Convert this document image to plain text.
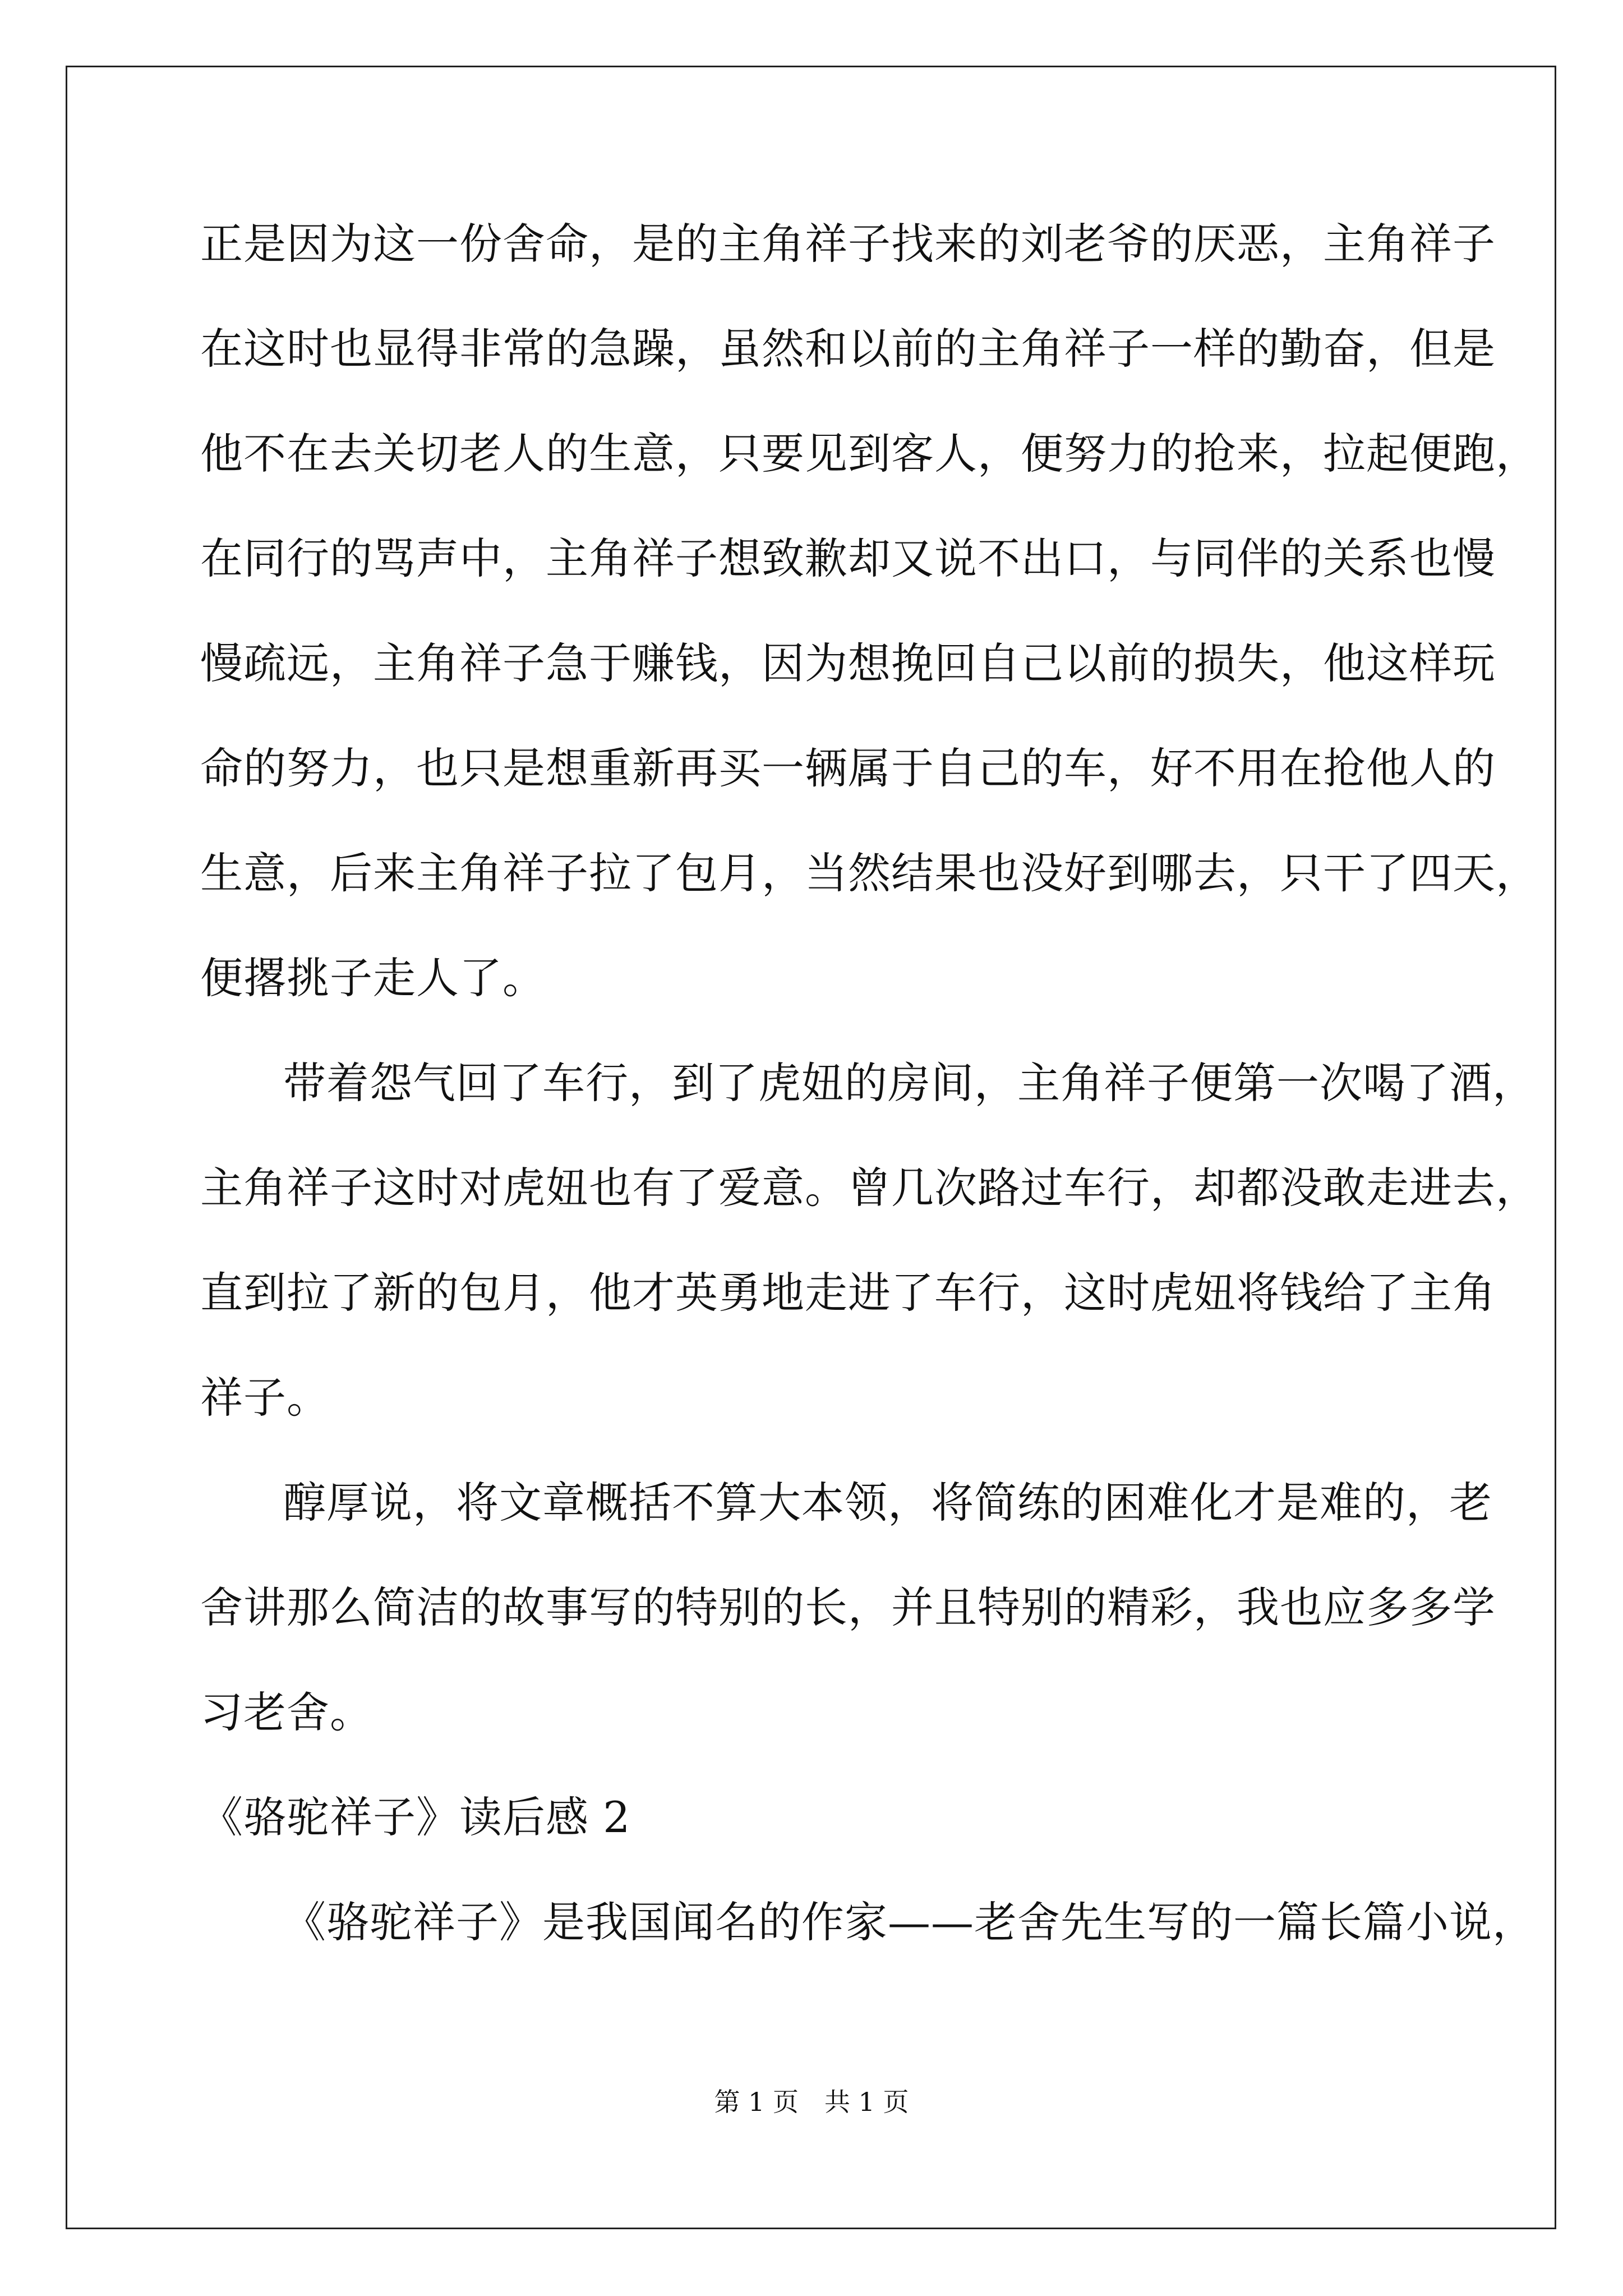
正是因为这一份舍命，是的主角祥子找来的刘老爷的厌恶，主角祥子
在这时也显得非常的急躁，虽然和以前的主角祥子一样的勤奋，但是
他不在去关切老人的生意，只要见到客人，便努力的抢来，拉起便跑，
在同行的骂声中，主角祥子想致歉却又说不出口，与同伴的关系也慢
慢疏远，主角祥子急于赚钱，因为想挽回自己以前的损失，他这样玩
命的努力，也只是想重新再买一辆属于自己的车，好不用在抢他人的
生意，后来主角祥子拉了包月，当然结果也没好到哪去，只干了四天，
便撂挑子走人了。
带着怨气回了车行，到了虎妞的房间，主角祥子便第一次喝了酒，
主角祥子这时对虎妞也有了爱意。曾几次路过车行，却都没敢走进去，
直到拉了新的包月，他才英勇地走进了车行，这时虎妞将钱给了主角
祥子。
醇厚说，将文章概括不算大本领，将简练的困难化才是难的，老
舍讲那么简洁的故事写的特别的长，并且特别的精彩，我也应多多学
习老舍。
《骆驼祥子》读后感 2
《骆驼祥子》是我国闻名的作家——老舍先生写的一篇长篇小说，
第 1 页　共 1 页
